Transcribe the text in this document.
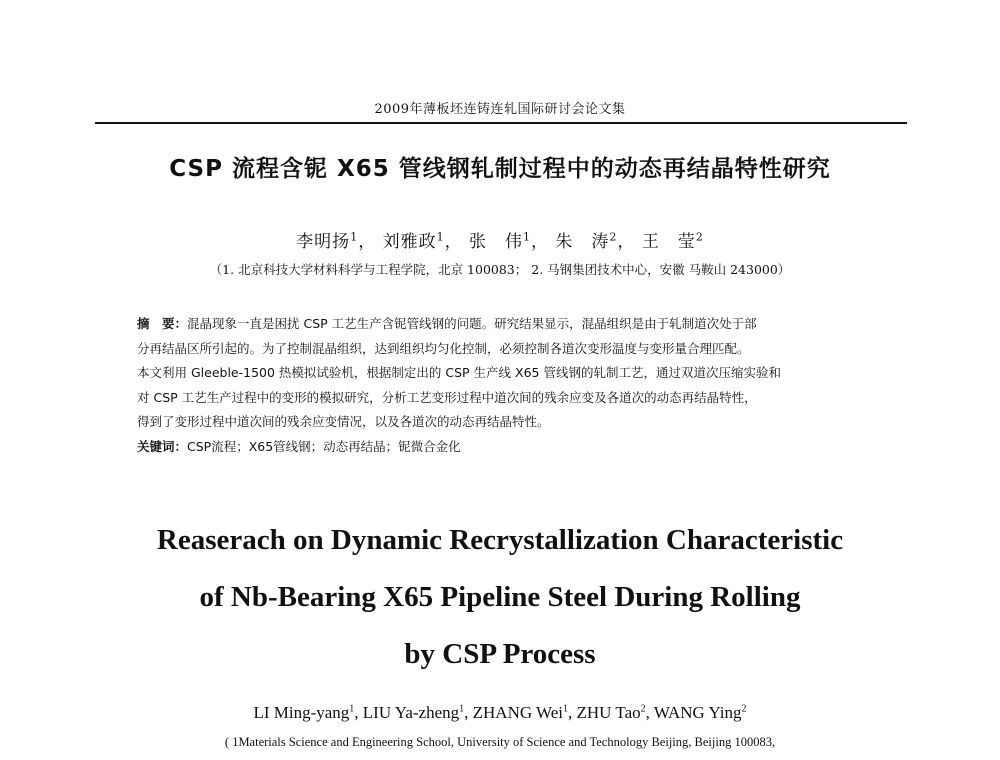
2009年薄板坯连铸连轧国际研讨会论文集
CSP 流程含铌 X65 管线钢轧制过程中的动态再结晶特性研究
李明扬$^1$， 刘雅政$^1$， 张　伟$^1$， 朱　涛$^2$， 王　莹$^2$
（1. 北京科技大学材料科学与工程学院，北京 100083； 2. 马钢集团技术中心，安徽 马鞍山 243000）

摘　要：混晶现象一直是困扰 CSP 工艺生产含铌管线钢的问题。研究结果显示，混晶组织是由于轧制道次处于部

分再结晶区所引起的。为了控制混晶组织，达到组织均匀化控制，必须控制各道次变形温度与变形量合理匹配。

本文利用 Gleeble-1500 热模拟试验机，根据制定出的 CSP 生产线 X65 管线钢的轧制工艺，通过双道次压缩实验和

对 CSP 工艺生产过程中的变形的模拟研究，分析工艺变形过程中道次间的残余应变及各道次的动态再结晶特性，

得到了变形过程中道次间的残余应变情况，以及各道次的动态再结晶特性。

关键词：CSP流程；X65管线钢；动态再结晶；铌微合金化

Reaserach on Dynamic Recrystallization Characteristic
of Nb-Bearing X65 Pipeline Steel During Rolling
by CSP Process
LI Ming-yang$^1$, LIU Ya-zheng$^1$, ZHANG Wei$^1$, ZHU Tao$^2$, WANG Ying$^2$
( 1Materials Science and Engineering School, University of Science and Technology Beijing, Beijing 100083,
